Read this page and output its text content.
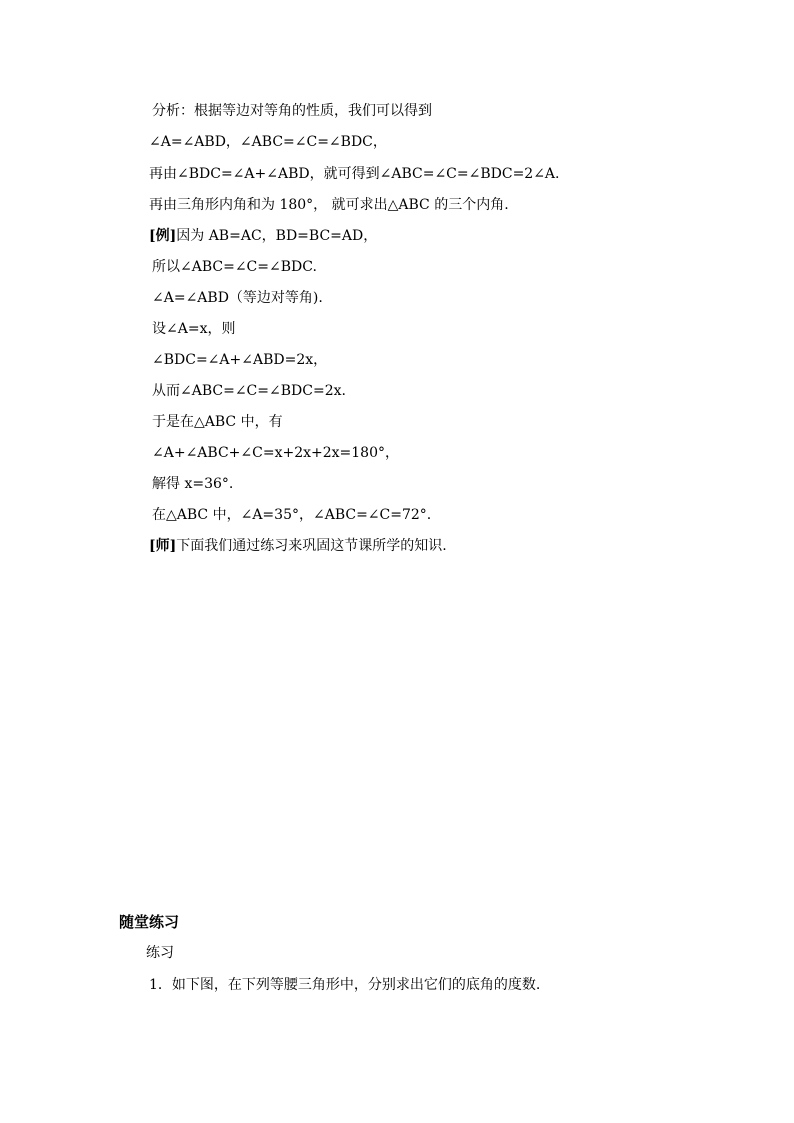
分析：根据等边对等角的性质，我们可以得到
∠A=∠ABD，∠ABC=∠C=∠BDC，
再由∠BDC=∠A+∠ABD，就可得到∠ABC=∠C=∠BDC=2∠A.
再由三角形内角和为 180°， 就可求出△ABC 的三个内角.
[例]因为 AB=AC，BD=BC=AD，
所以∠ABC=∠C=∠BDC.
∠A=∠ABD（等边对等角).
设∠A=x，则
∠BDC=∠A+∠ABD=2x，
从而∠ABC=∠C=∠BDC=2x.
于是在△ABC 中，有
∠A+∠ABC+∠C=x+2x+2x=180°，
解得 x=36°.
在△ABC 中，∠A=35°，∠ABC=∠C=72°.
[师]下面我们通过练习来巩固这节课所学的知识.
随堂练习
练习
1．如下图，在下列等腰三角形中，分别求出它们的底角的度数.
